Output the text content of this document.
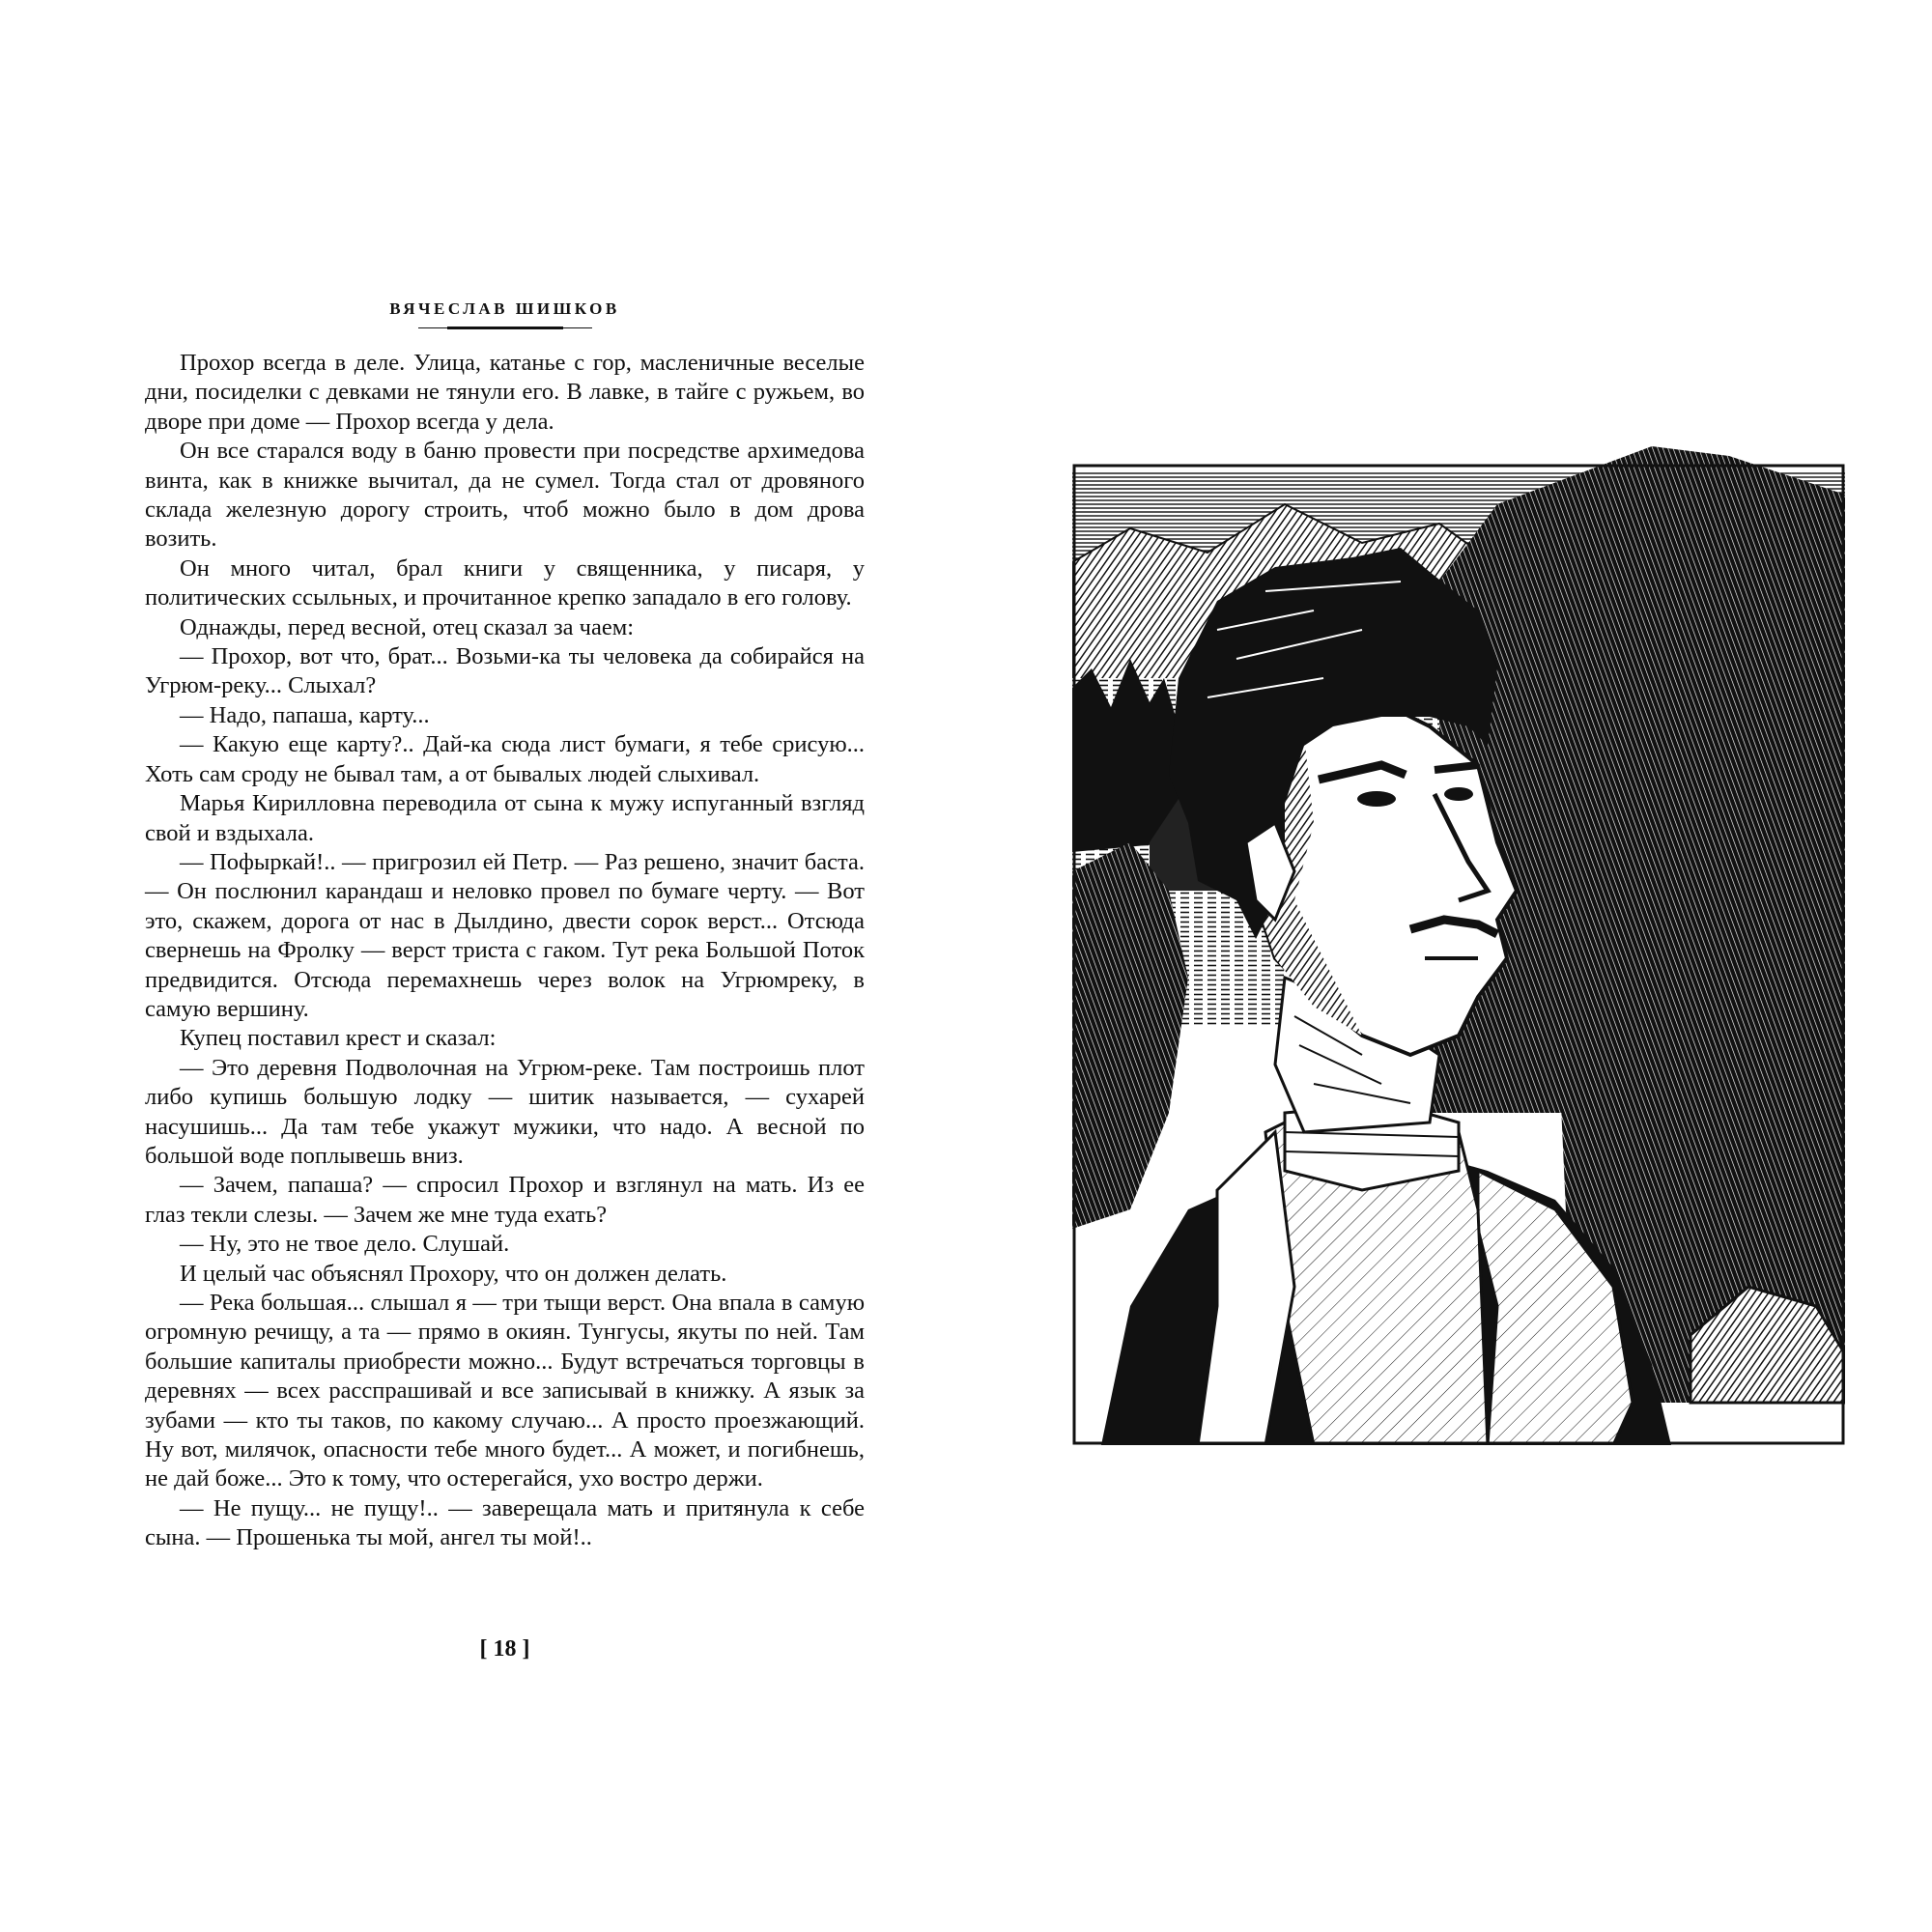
ВЯЧЕСЛАВ ШИШКОВ

Прохор всегда в деле. Улица, катанье с гор, масленичные веселые дни, посиделки с девками не тянули его. В лавке, в тайге с ружьем, во дворе при доме — Прохор всегда у дела.

Он все старался воду в баню провести при посредстве архимедова винта, как в книжке вычитал, да не сумел. Тогда стал от дровяного склада железную дорогу строить, чтоб можно было в дом дрова возить.

Он много читал, брал книги у священника, у писаря, у политических ссыльных, и прочитанное крепко западало в его голову.

Однажды, перед весной, отец сказал за чаем:

— Прохор, вот что, брат... Возьми-ка ты человека да собирайся на Угрюм-реку... Слыхал?

— Надо, папаша, карту...

— Какую еще карту?.. Дай-ка сюда лист бумаги, я тебе срисую... Хоть сам сроду не бывал там, а от бывалых людей слыхивал.

Марья Кирилловна переводила от сына к мужу испуганный взгляд свой и вздыхала.

— Пофыркай!.. — пригрозил ей Петр. — Раз решено, значит баста. — Он послюнил карандаш и неловко провел по бумаге черту. — Вот это, скажем, дорога от нас в Дылдино, двести сорок верст... Отсюда свернешь на Фролку — верст триста с гаком. Тут река Большой Поток предвидится. Отсюда перемахнешь через волок на Угрюмреку, в самую вершину.

Купец поставил крест и сказал:

— Это деревня Подволочная на Угрюм-реке. Там построишь плот либо купишь большую лодку — шитик называется, — сухарей насушишь... Да там тебе укажут мужики, что надо. А весной по большой воде поплывешь вниз.

— Зачем, папаша? — спросил Прохор и взглянул на мать. Из ее глаз текли слезы. — Зачем же мне туда ехать?

— Ну, это не твое дело. Слушай.

И целый час объяснял Прохору, что он должен делать.

— Река большая... слышал я — три тыщи верст. Она впала в самую огромную речищу, а та — прямо в окиян. Тунгусы, якуты по ней. Там большие капиталы приобрести можно... Будут встречаться торговцы в деревнях — всех расспрашивай и все записывай в книжку. А язык за зубами — кто ты таков, по какому случаю... А просто проезжающий. Ну вот, милячок, опасности тебе много будет... А может, и погибнешь, не дай боже... Это к тому, что остерегайся, ухо востро держи.

— Не пущу... не пущу!.. — заверещала мать и притянула к себе сына. — Прошенька ты мой, ангел ты мой!..

[ 18 ]
